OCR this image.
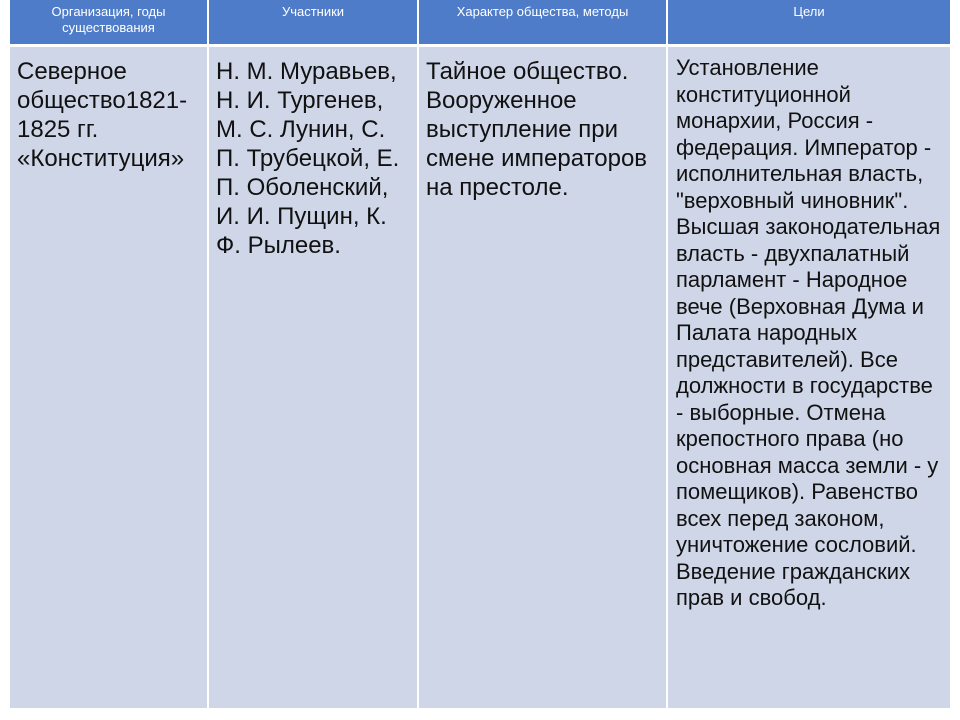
Организация, годы
существования	Участники	Характер общества, методы	Цели

Северное общество1821-1825 гг. «Конституция»	Н. М. Муравьев, Н. И. Тургенев, М. С. Лунин, С. П. Трубецкой, Е. П. Оболенский, И. И. Пущин, К. Ф. Рылеев.	Тайное общество. Вооруженное выступление при смене императоров на престоле.	Установление конституционной монархии, Россия - федерация. Император - исполнительная власть, "верховный чиновник". Высшая законодательная власть - двухпалатный парламент - Народное вече (Верховная Дума и Палата народных представителей). Все должности в государстве - выборные. Отмена крепостного права (но основная масса земли - у помещиков). Равенство всех перед законом, уничтожение сословий. Введение гражданских прав и свобод.
